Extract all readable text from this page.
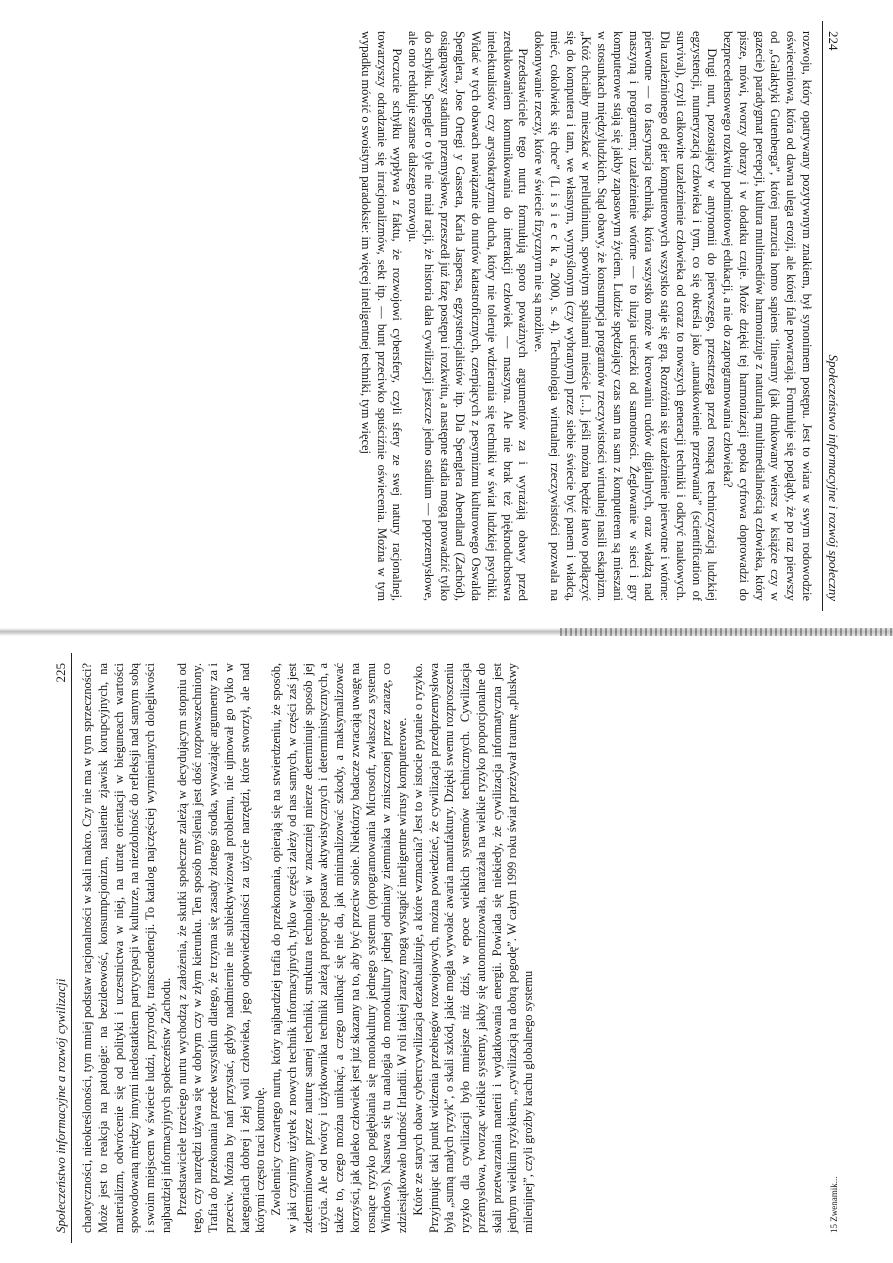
224
Społeczeństwo informacyjne i rozwój społeczny

rozwoju, który opatrywany pozytywnym znakiem, był synonimem postępu. Jest to wiara w swym rodowodzie oświeceniowa, która od dawna ulega erozji, ale której fale powracają. Formułuje się poglądy, że po raz pierwszy od „Galaktyki Gutenberga”, której narzucia homo sapiens ‘linearny (jak drukowany wiersz w książce czy w gazecie) paradygmat percepcji, kultura multimediów harmonizuje z naturalną multimedialnością człowieka, który pisze, mówi, tworzy obrazy i w dodatku czuje. Może dzięki tej harmonizacji epoka cyfrowa doprowadzi do bezprecedensowego rozkwitu podmiotowej edukacji, a nie do zaprogramowania człowieka?

Drugi nurt, pozostający w antynomii do pierwszego, przestrzega przed rosnącą techniczyzacją ludzkiej egzystencji, numeryzacją człowieka i tym, co się określa jako „unaukowienie przetrwania” (scientification of survival), czyli całkowite uzależnienie człowieka od coraz to nowszych generacji techniki i odkryć naukowych. Dla uzależnionego od gier komputerowych wszystko staje się grą. Rozróżnia się uzależnienie pierwotne i wtórne: pierwotne — to fascynacja techniką, która wszystko może w kreowaniu cudów digitalnych, oraz władzą nad maszyną i programem; uzależnienie wtórne — to iluzja ucieczki od samotności. Żeglowanie w sieci i gry komputerowe stają się jakby zapasowym życiem. Ludzie spędzający czas sam na sam z komputerem są mieszani w stosunkach międzyludzkich. Stąd obawy, że konsumpcja programów rzeczywistości wirtualnej nasili eskapizm. „Któż chciałby mieszkać w prelludinium, spowitym spalinami mieście [...], jeśli można będzie łatwo podłączyć się do komputera i tam, we własnym, wymyślonym (czy wybranym) przez siebie świecie być panem i władcą, mieć, cokolwiek się chce” (L i s i e c k a, 2000, s. 4). Technologia wirtualnej rzeczywistości pozwala na dokonywanie rzeczy, które w świecie fizycznym nie są możliwe.

Przedstawiciele tego nurtu formułują sporo poważnych argumentów za i wyrażają obawy przed zredukowaniem komunikowania do interakcji człowiek — maszyna. Ale nie brak też pięknoduchostwa intelektualistów czy arystokratyzmu ducha, który nie toleruje wdzierania się techniki w świat ludzkiej psychiki. Widać w tych obawach nawiązanie do nurtów katastroficznych, czerpiących z pesymizmu kulturowego Oswalda Spenglera, Jose Ortegi y Gasseta, Karla Jaspersa, egzystencjalistów itp. Dla Spenglera Abendland (Zachód), osiągnąwszy stadium przemysłowe, przeszedł już fazę postępu i rozkwitu, a następne stadia mogą prowadzić tylko do schyłku. Spengler o tyle nie miał racji, że historia dała cywilizacji jeszcze jedno stadium — poprzemysłowe, ale ono redukuje szanse dalszego rozwoju.

Poczucie schyłku wypływa z faktu, że rozwojowi cybersfery, czyli sfery ze swej natury racjonalnej, towarzyszy odradzanie się irracjonalizmów, sekt itp. — bunt przeciwko spuściźnie oświecenia. Można w tym wypadku mówić o swoistym paradoksie: im więcej inteligentnej techniki, tym więcej

Społeczeństwo informacyjne a rozwój cywilizacji
225 chaotyczności, nieokreśloności, tym mniej podstaw racjonalności w skali makro. Czy nie ma w tym sprzeczności? Może jest to reakcja na patologie: na bezideowość, konsumpcjonizm, nasilenie zjawisk korupcyjnych, na materializm, odwrócenie się od polityki i uczestnictwa w niej, na utratę orientacji w bieguneach wartości spowodowaną między innymi niedostatkiem partycypacji w kulturze, na niezdolność do refleksji nad samym sobą i swoim miejscem w świecie ludzi, przyrody, transcendencji. To katalog najczęściej wymienianych dolegliwości najbardziej informacyjnych społeczeństw Zachodu. Przedstawiciele trzeciego nurtu wychodzą z założenia, że skutki społeczne zależą w decydującym stopniu od tego, czy narzędzi używa się w dobrym czy w złym kierunku. Ten sposób myślenia jest dość rozpowszechniony. Trafia do przekonania przede wszystkim dlatego, że trzyma się zasady złotego środka, wyważając argumenty za i przeciw. Można by nań przystać, gdyby nadmiernie nie subiektywizował problemu, nie ujmował go tylko w kategoriach dobrej i złej woli człowieka, jego odpowiedzialności za użycie narzędzi, które stworzył, ale nad którymi często traci kontrolę. Zwolennicy czwartego nurtu, który najbardziej trafia do przekonania, opierają się na stwierdzeniu, że sposób, w jaki czynimy użytek z nowych technik informacyjnych, tylko w części zależy od nas samych, w części zaś jest zdeterminowany przez naturę samej techniki, struktura technologii w znaczniej mierze determinuje sposób jej użycia. Ale od twórcy i użytkownika techniki zależą proporcje postaw aktywistycznych i deterministycznych, a także to, czego można uniknąć, a czego uniknąć się nie da, jak minimalizować szkody, a maksymalizować korzyści, jak daleko człowiek jest już skazany na to, aby być przeciw sobie. Niektórzy badacze zwracają uwagę na rosnące ryzyko pogłębiania się monokultury jednego systemu (oprogramowania Microsoft, zwłaszcza systemu Windows). Nasuwa się tu analogia do monokultury jednej odmiany ziemniaka w zniszczonej przez zarazę, co zdziesiątkowało ludność Irlandii. W roli takiej zarazy mogą wystąpić inteligentne wirusy komputerowe. Które ze starych obaw cyberrcywilizacja dezaktualizuje, a które wzmacnia? Jest to w istocie pytanie o ryzyko. Przyjmując taki punkt widzenia przebiegów rozwojowych, można powiedzieć, że cywilizacja przedprzemysłowa była „sumą małych ryzyk”, o skali szkód, jakie mogła wywołać awaria manufaktury. Dzięki swemu rozproszeniu ryzyko dla cywilizacji było mniejsze niż dziś, w epoce wielkich systemów technicznych. Cywilizacja przemysłowa, tworząc wielkie systemy, jakby się autonomizowała, narażała na wielkie ryzyko proporcjonalne do skali przetwarzania materii i wydatkowania energii. Powiada się niekiedy, że cywilizacja informatyczna jest jednym wielkim ryzykiem, „cywilizacją na dobrą pogodę”. W całym 1999 roku świat przeżywał traumę „pluskwy milenijnej”, czyli groźby krachu globalnego systemu	15 Zwenamik...
